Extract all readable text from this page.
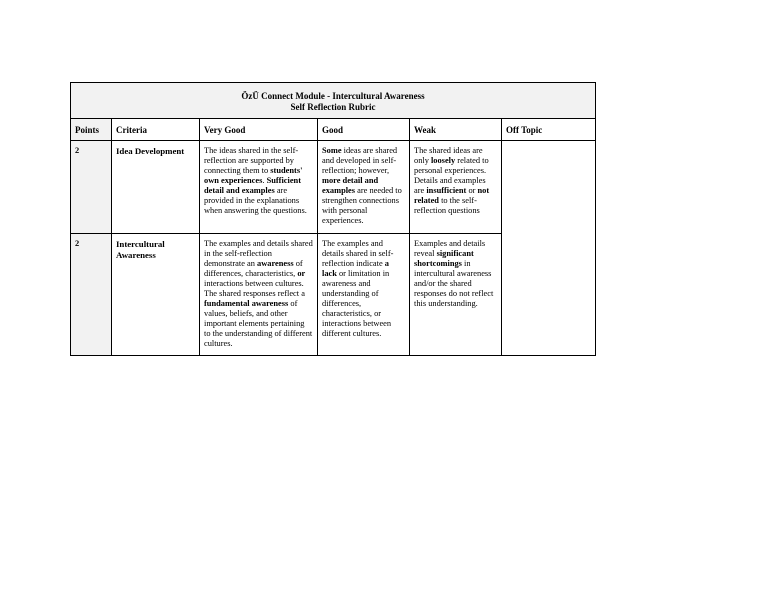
ÖzÜ Connect Module - Intercultural Awareness
Self Reflection Rubric					

Points	Criteria	Very Good	Good	Weak	Off Topic
2	Idea Development	The ideas shared in the self-reflection are supported by connecting them to students' own experiences. Sufficient detail and examples are provided in the explanations when answering the questions.	Some ideas are shared and developed in self-reflection; however, more detail and examples are needed to strengthen connections with personal experiences.	The shared ideas are only loosely related to personal experiences. Details and examples are insufficient or not related to the self-reflection questions	
2	Intercultural Awareness	The examples and details shared in the self-reflection demonstrate an awareness of differences, characteristics, or interactions between cultures. The shared responses reflect a fundamental awareness of values, beliefs, and other important elements pertaining to the understanding of different cultures.	The examples and details shared in self-reflection indicate a lack or limitation in awareness and understanding of differences, characteristics, or interactions between different cultures.	Examples and details reveal significant shortcomings in intercultural awareness and/or the shared responses do not reflect this understanding.	
